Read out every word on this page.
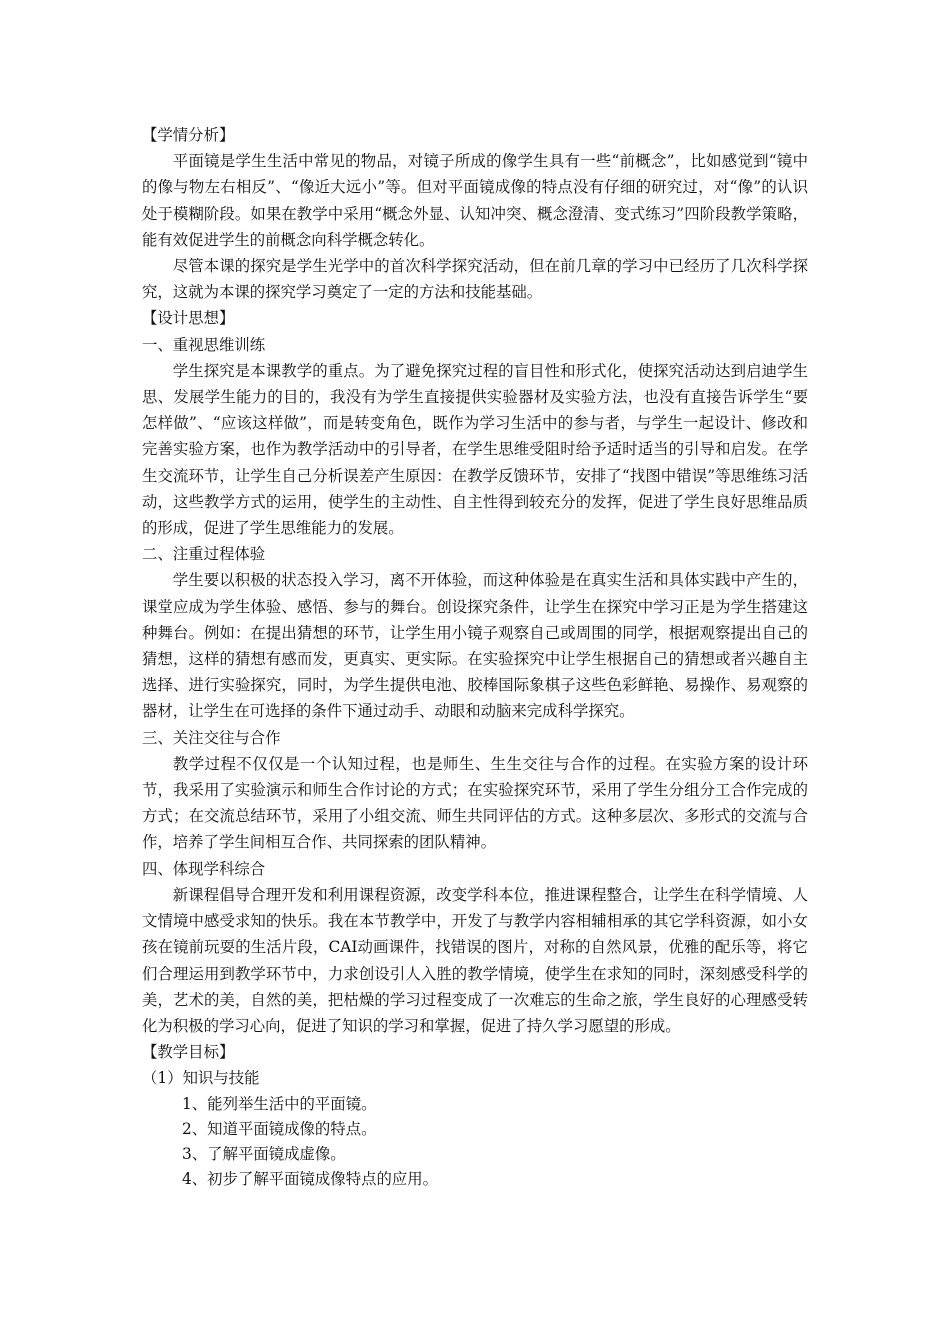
【学情分析】

平面镜是学生生活中常见的物品，对镜子所成的像学生具有一些“前概念”，比如感觉到“镜中的像与物左右相反”、“像近大远小”等。但对平面镜成像的特点没有仔细的研究过，对“像”的认识处于模糊阶段。如果在教学中采用“概念外显、认知冲突、概念澄清、变式练习”四阶段教学策略，能有效促进学生的前概念向科学概念转化。

尽管本课的探究是学生光学中的首次科学探究活动，但在前几章的学习中已经历了几次科学探究，这就为本课的探究学习奠定了一定的方法和技能基础。

【设计思想】
一、重视思维训练

学生探究是本课教学的重点。为了避免探究过程的盲目性和形式化，使探究活动达到启迪学生思、发展学生能力的目的，我没有为学生直接提供实验器材及实验方法，也没有直接告诉学生“要怎样做”、“应该这样做”，而是转变角色，既作为学习生活中的参与者，与学生一起设计、修改和完善实验方案，也作为教学活动中的引导者，在学生思维受阻时给予适时适当的引导和启发。在学生交流环节，让学生自己分析误差产生原因：在教学反馈环节，安排了“找图中错误”等思维练习活动，这些教学方式的运用，使学生的主动性、自主性得到较充分的发挥，促进了学生良好思维品质的形成，促进了学生思维能力的发展。

二、注重过程体验

学生要以积极的状态投入学习，离不开体验，而这种体验是在真实生活和具体实践中产生的，课堂应成为学生体验、感悟、参与的舞台。创设探究条件，让学生在探究中学习正是为学生搭建这种舞台。例如：在提出猜想的环节，让学生用小镜子观察自己或周围的同学，根据观察提出自己的猜想，这样的猜想有感而发，更真实、更实际。在实验探究中让学生根据自己的猜想或者兴趣自主选择、进行实验探究，同时，为学生提供电池、胶棒国际象棋子这些色彩鲜艳、易操作、易观察的器材，让学生在可选择的条件下通过动手、动眼和动脑来完成科学探究。

三、关注交往与合作

教学过程不仅仅是一个认知过程，也是师生、生生交往与合作的过程。在实验方案的设计环节，我采用了实验演示和师生合作讨论的方式；在实验探究环节，采用了学生分组分工合作完成的方式；在交流总结环节，采用了小组交流、师生共同评估的方式。这种多层次、多形式的交流与合作，培养了学生间相互合作、共同探索的团队精神。

四、体现学科综合

新课程倡导合理开发和利用课程资源，改变学科本位，推进课程整合，让学生在科学情境、人文情境中感受求知的快乐。我在本节教学中，开发了与教学内容相辅相承的其它学科资源，如小女孩在镜前玩耍的生活片段，CAI动画课件，找错误的图片，对称的自然风景，优雅的配乐等，将它们合理运用到教学环节中，力求创设引人入胜的教学情境，使学生在求知的同时，深刻感受科学的美，艺术的美，自然的美，把枯燥的学习过程变成了一次难忘的生命之旅，学生良好的心理感受转化为积极的学习心向，促进了知识的学习和掌握，促进了持久学习愿望的形成。

【教学目标】
（1）知识与技能
1、能列举生活中的平面镜。
2、知道平面镜成像的特点。
3、了解平面镜成虚像。
4、初步了解平面镜成像特点的应用。
